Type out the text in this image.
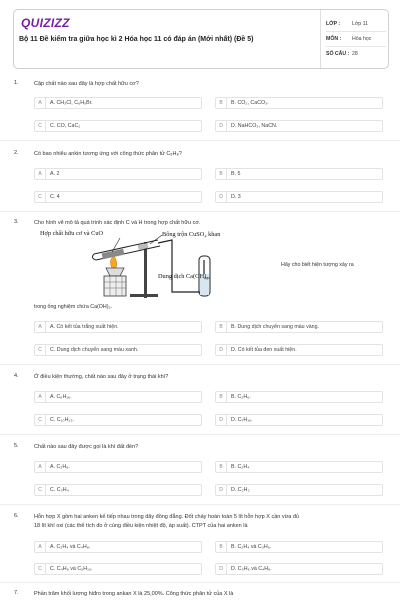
QUIZIZZ
Bộ 11 Đề kiểm tra giữa học kì 2 Hóa học 11 có đáp án (Mới nhất) (Đề 5)
LỚP :	Lớp 11
MÔN :	Hóa học
SỐ CÂU : 28
1.	Cặp chất nào sau đây là hợp chất hữu cơ?
A	A. CH₃Cl, C₆H₅Br.	B	B. CO₂, CaCO₃.
C	C. CO, CaC₂	D	D. NaHCO₃, NaCN.
2.	Có bao nhiêu ankin tương ứng với công thức phân tử C₅H₈?
A	A. 2	B	B. 5
C	C. 4	D	D. 3
3.	Cho hình vẽ mô tả quá trình xác định C và H trong hợp chất hữu cơ.
Hợp chất hữu cơ và CuO	Bông trộn CuSO₄ khan
Dung dịch Ca(OH)₂
Hãy cho biết hiện tượng xảy ra
trong ống nghiệm chứa Ca(OH)₂.
A	A. Có kết tủa trắng xuất hiện.	B	B. Dung dịch chuyển sang màu vàng.
C	C. Dung dịch chuyển sang màu xanh.	D	D. Có kết tủa đen xuất hiện.
4.	Ở điều kiện thường, chất nào sau đây ở trạng thái khí?
A	A. C₆H₁₆.	B	B. C₂H₆.
C	C. C₁₀H₂₂.	D	D. C₇H₁₆.
5.	Chất nào sau đây được gọi là khí đất đèn?
A	A. C₂H₆.	B	B. C₂H₄
C	C. C₃H₄	D	D. C₂H₂
6.	Hỗn hợp X gồm hai anken kế tiếp nhau trong dãy đồng đẳng. Đốt cháy hoàn toàn 5 lít hỗn hợp X cần vừa đủ 18 lít khí oxi (các thể tích đo ở cùng điều kiện nhiệt độ, áp suất). CTPT của hai anken là
A	A. C₂H₄ và C₄H₈.	B	B. C₂H₄ và C₃H₆.
C	C. C₄H₈ và C₅H₁₀.	D	D. C₃H₆ và C₄H₈.
7.	Phần trăm khối lượng hiđro trong ankan X là 25,00%. Công thức phân tử của X là
